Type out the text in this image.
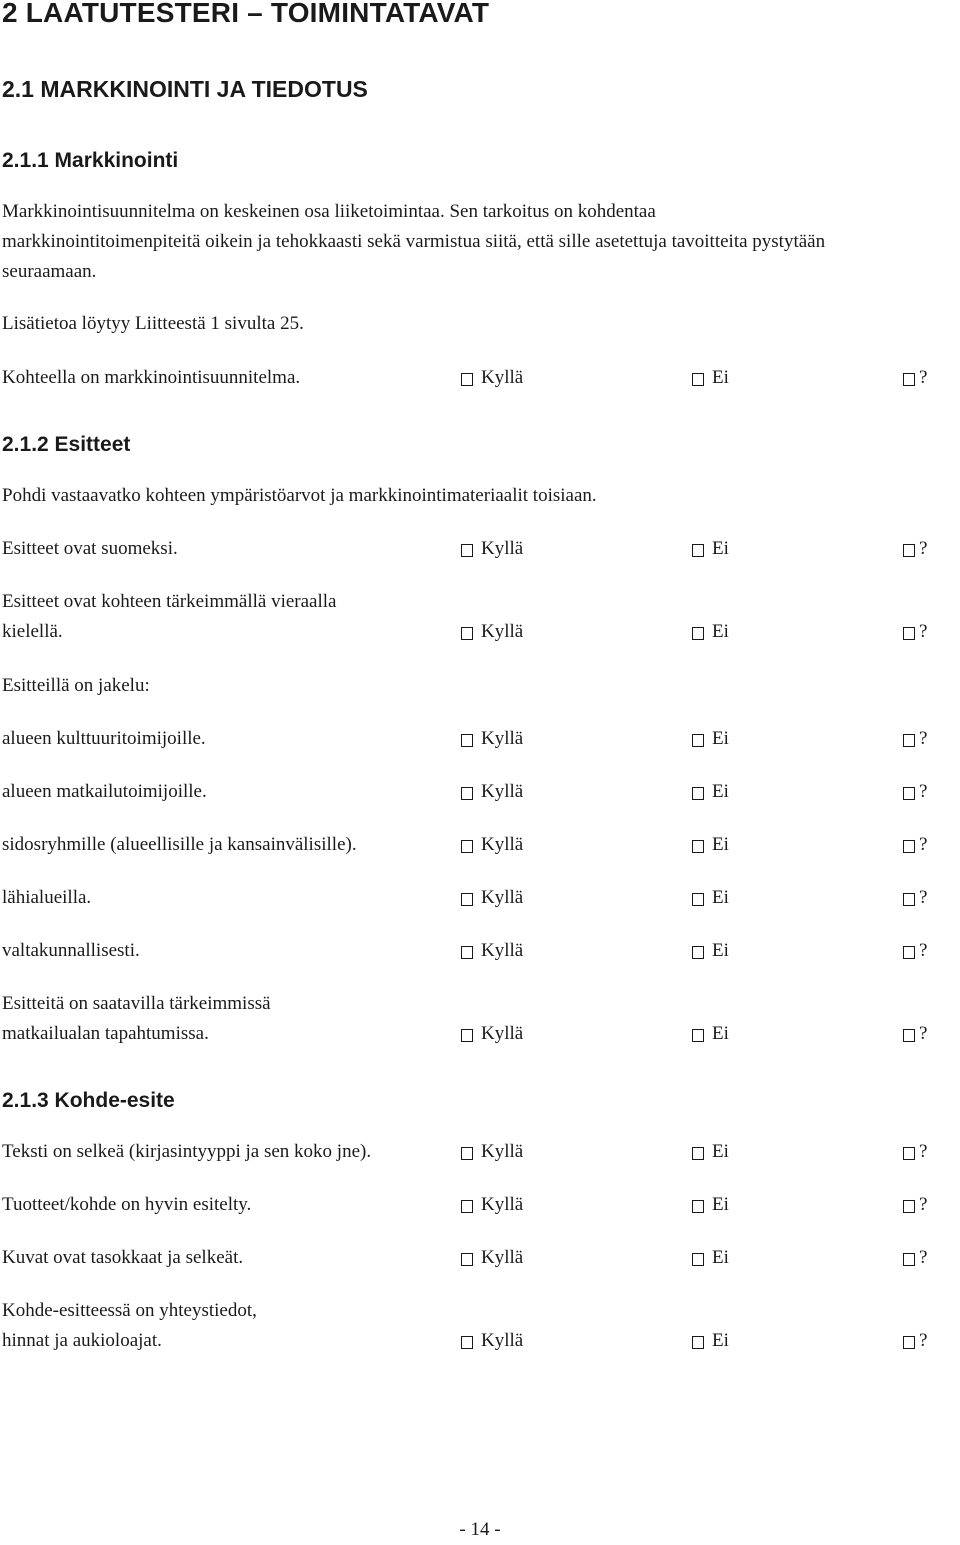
2 LAATUTESTERI – TOIMINTATAVAT
2.1 MARKKINOINTI JA TIEDOTUS
2.1.1 Markkinointi
Markkinointisuunnitelma on keskeinen osa liiketoimintaa. Sen tarkoitus on kohdentaa
markkinointitoimenpiteitä oikein ja tehokkaasti sekä varmistua siitä, että sille asetettuja tavoitteita pystytään
seuraamaan.
Lisätietoa löytyy Liitteestä 1 sivulta 25.
Kohteella on markkinointisuunnitelma.	Kyllä	Ei	?
2.1.2 Esitteet
Pohdi vastaavatko kohteen ympäristöarvot ja markkinointimateriaalit toisiaan.
Esitteet ovat suomeksi.	Kyllä	Ei	?
Esitteet ovat kohteen tärkeimmällä vieraalla
kielellä.	Kyllä	Ei	?
Esitteillä on jakelu:
alueen kulttuuritoimijoille.	Kyllä	Ei	?
alueen matkailutoimijoille.	Kyllä	Ei	?
sidosryhmille (alueellisille ja kansainvälisille).	Kyllä	Ei	?
lähialueilla.	Kyllä	Ei	?
valtakunnallisesti.	Kyllä	Ei	?
Esitteitä on saatavilla tärkeimmissä
matkailualan tapahtumissa.	Kyllä	Ei	?
2.1.3 Kohde-esite
Teksti on selkeä (kirjasintyyppi ja sen koko jne).	Kyllä	Ei	?
Tuotteet/kohde on hyvin esitelty.	Kyllä	Ei	?
Kuvat ovat tasokkaat ja selkeät.	Kyllä	Ei	?
Kohde-esitteessä on yhteystiedot,
hinnat ja aukioloajat.	Kyllä	Ei	?
- 14 -
